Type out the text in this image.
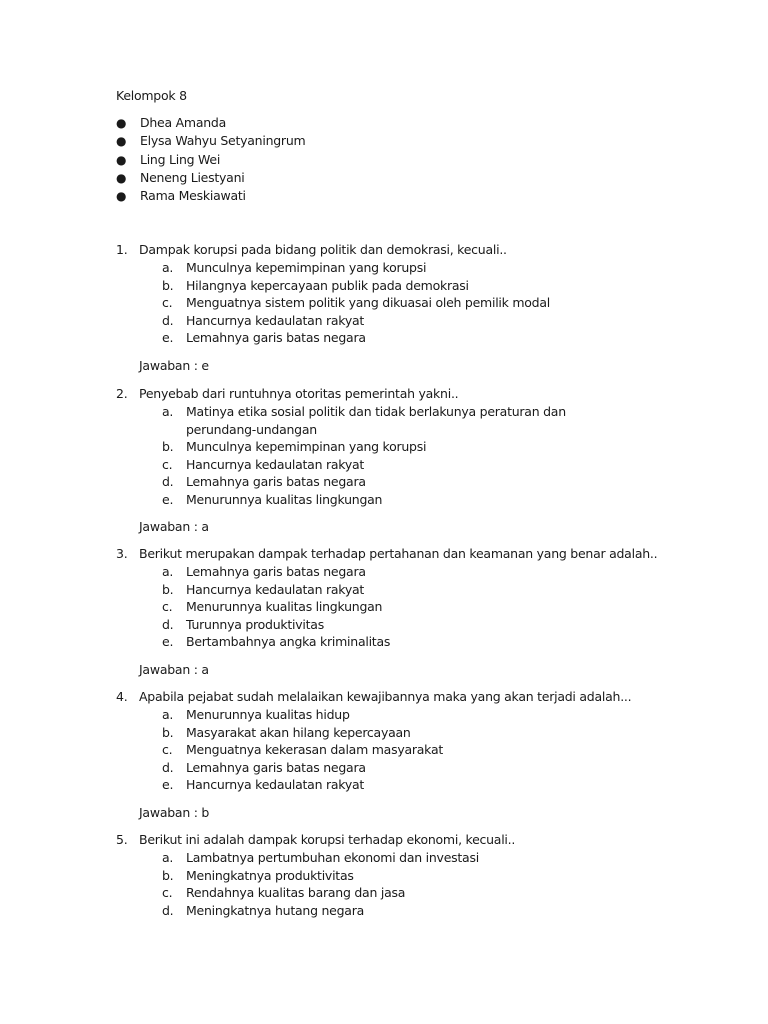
Kelompok 8
● Dhea Amanda
● Elysa Wahyu Setyaningrum
● Ling Ling Wei
● Neneng Liestyani
● Rama Meskiawati
1. Dampak korupsi pada bidang politik dan demokrasi, kecuali..
a. Munculnya kepemimpinan yang korupsi
b. Hilangnya kepercayaan publik pada demokrasi
c. Menguatnya sistem politik yang dikuasai oleh pemilik modal
d. Hancurnya kedaulatan rakyat
e. Lemahnya garis batas negara
Jawaban : e
2. Penyebab dari runtuhnya otoritas pemerintah yakni..
a. Matinya etika sosial politik dan tidak berlakunya peraturan dan perundang-undangan
b. Munculnya kepemimpinan yang korupsi
c. Hancurnya kedaulatan rakyat
d. Lemahnya garis batas negara
e. Menurunnya kualitas lingkungan
Jawaban : a
3. Berikut merupakan dampak terhadap pertahanan dan keamanan yang benar adalah..
a. Lemahnya garis batas negara
b. Hancurnya kedaulatan rakyat
c. Menurunnya kualitas lingkungan
d. Turunnya produktivitas
e. Bertambahnya angka kriminalitas
Jawaban : a
4. Apabila pejabat sudah melalaikan kewajibannya maka yang akan terjadi adalah...
a. Menurunnya kualitas hidup
b. Masyarakat akan hilang kepercayaan
c. Menguatnya kekerasan dalam masyarakat
d. Lemahnya garis batas negara
e. Hancurnya kedaulatan rakyat
Jawaban : b
5. Berikut ini adalah dampak korupsi terhadap ekonomi, kecuali..
a. Lambatnya pertumbuhan ekonomi dan investasi
b. Meningkatnya produktivitas
c. Rendahnya kualitas barang dan jasa
d. Meningkatnya hutang negara
